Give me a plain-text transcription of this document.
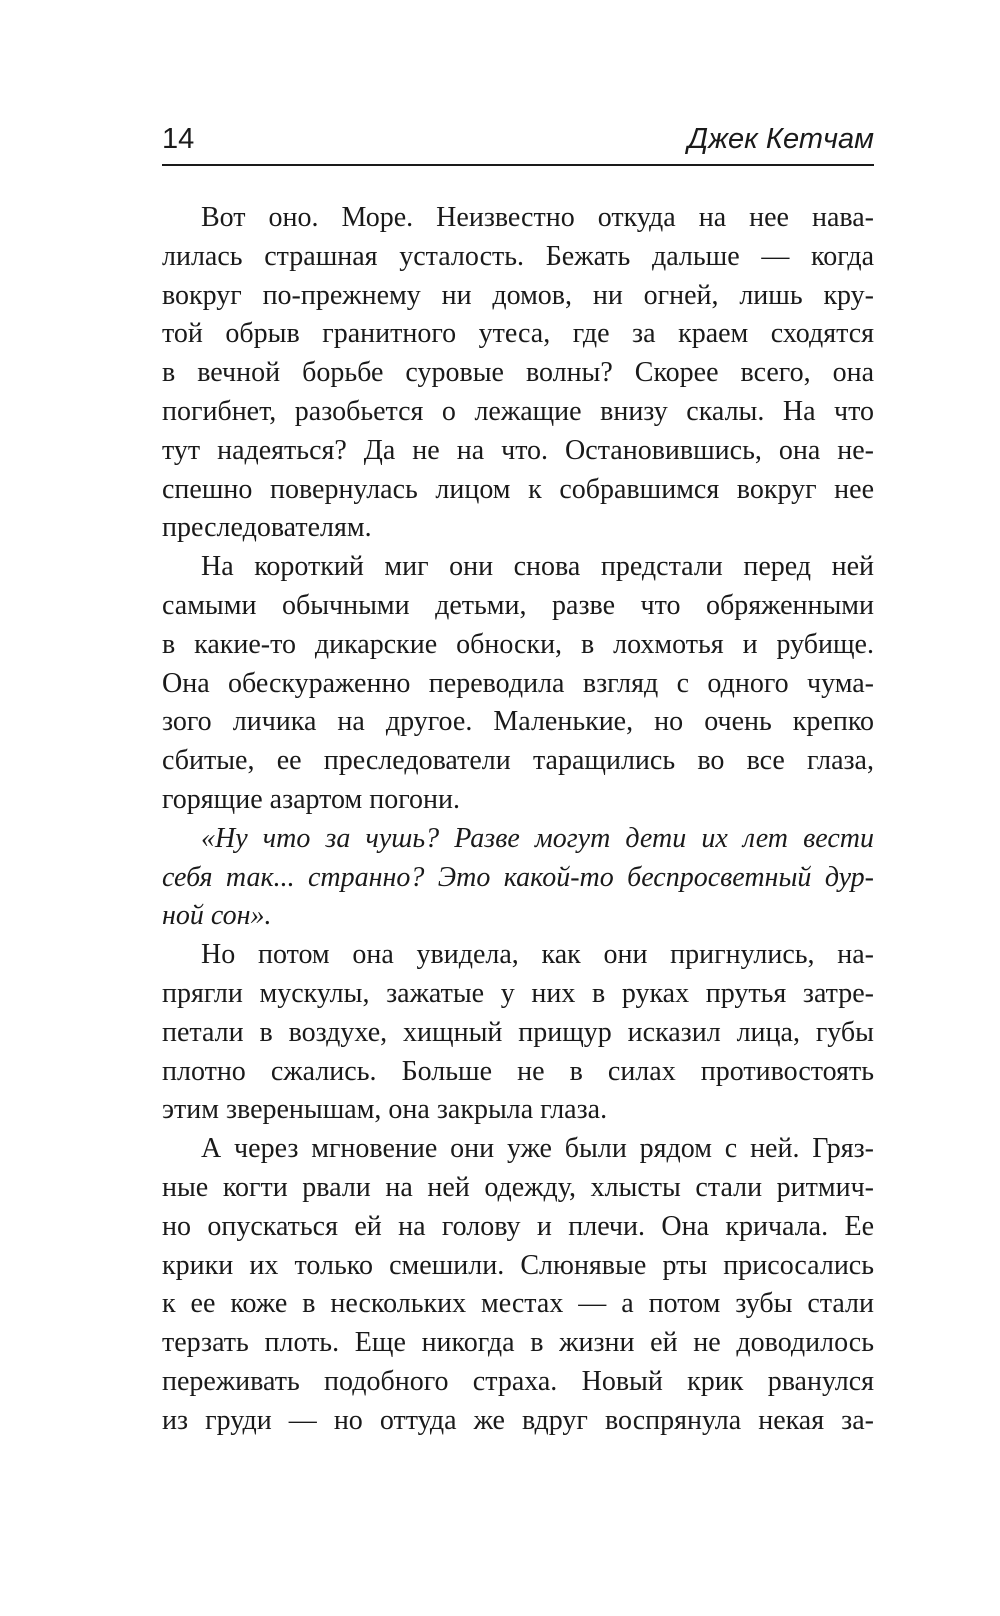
14	Джек Кетчам
Вот оно. Море. Неизвестно откуда на нее нава-
лилась страшная усталость. Бежать дальше — когда
вокруг по-прежнему ни домов, ни огней, лишь кру-
той обрыв гранитного утеса, где за краем сходятся
в вечной борьбе суровые волны? Скорее всего, она
погибнет, разобьется о лежащие внизу скалы. На что
тут надеяться? Да не на что. Остановившись, она не-
спешно повернулась лицом к собравшимся вокруг нее
преследователям.
На короткий миг они снова предстали перед ней
самыми обычными детьми, разве что обряженными
в какие-то дикарские обноски, в лохмотья и рубище.
Она обескураженно переводила взгляд с одного чума-
зого личика на другое. Маленькие, но очень крепко
сбитые, ее преследователи таращились во все глаза,
горящие азартом погони.
«Ну что за чушь? Разве могут дети их лет вести
себя так... странно? Это какой-то беспросветный дур-
ной сон».
Но потом она увидела, как они пригнулись, на-
прягли мускулы, зажатые у них в руках прутья затре-
петали в воздухе, хищный прищур исказил лица, губы
плотно сжались. Больше не в силах противостоять
этим зверенышам, она закрыла глаза.
А через мгновение они уже были рядом с ней. Гряз-
ные когти рвали на ней одежду, хлысты стали ритмич-
но опускаться ей на голову и плечи. Она кричала. Ее
крики их только смешили. Слюнявые рты присосались
к ее коже в нескольких местах — а потом зубы стали
терзать плоть. Еще никогда в жизни ей не доводилось
переживать подобного страха. Новый крик рванулся
из груди — но оттуда же вдруг воспрянула некая за-
